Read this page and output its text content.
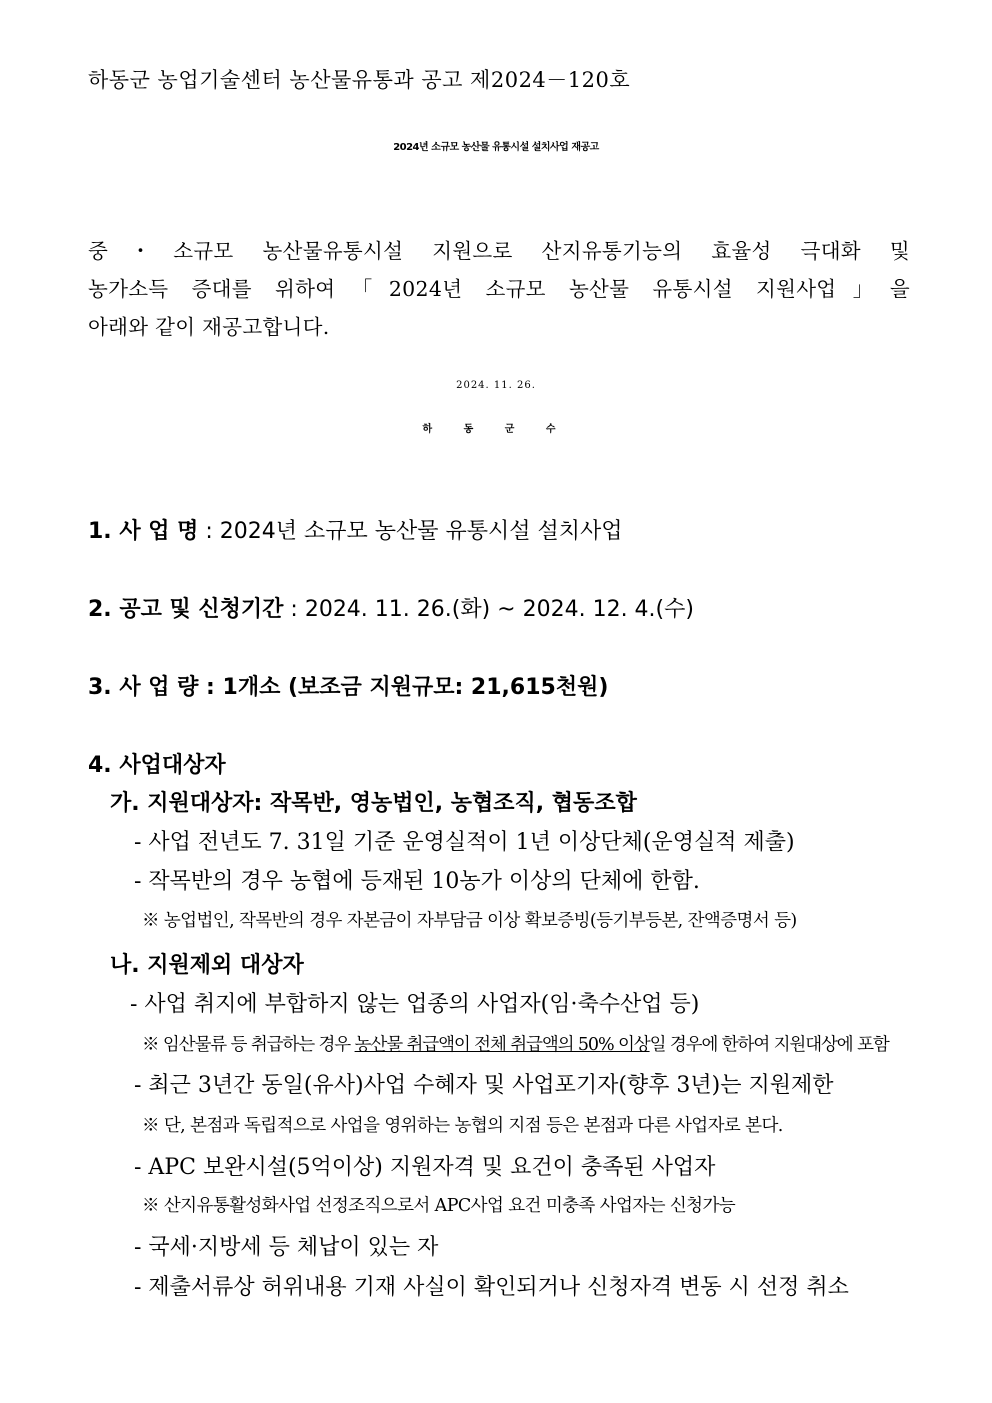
하동군 농업기술센터 농산물유통과 공고 제2024－120호
2024년 소규모 농산물 유통시설 설치사업 재공고
중・소규모 농산물유통시설 지원으로 산지유통기능의 효율성 극대화 및
농가소득 증대를 위하여「2024년 소규모 농산물 유통시설 지원사업」을
아래와 같이 재공고합니다.
2024. 11. 26.
하 동 군 수
1. 사 업 명 : 2024년 소규모 농산물 유통시설 설치사업
2. 공고 및 신청기간 : 2024. 11. 26.(화) ~ 2024. 12. 4.(수)
3. 사 업 량 : 1개소 (보조금 지원규모: 21,615천원)
4. 사업대상자
가. 지원대상자: 작목반, 영농법인, 농협조직, 협동조합
- 사업 전년도 7. 31일 기준 운영실적이 1년 이상단체(운영실적 제출)
- 작목반의 경우 농협에 등재된 10농가 이상의 단체에 한함.
※ 농업법인, 작목반의 경우 자본금이 자부담금 이상 확보증빙(등기부등본, 잔액증명서 등)
나. 지원제외 대상자
- 사업 취지에 부합하지 않는 업종의 사업자(임·축수산업 등)
※ 임산물류 등 취급하는 경우 농산물 취급액이 전체 취급액의 50% 이상일 경우에 한하여 지원대상에 포함
- 최근 3년간 동일(유사)사업 수혜자 및 사업포기자(향후 3년)는 지원제한
※ 단, 본점과 독립적으로 사업을 영위하는 농협의 지점 등은 본점과 다른 사업자로 본다.
- APC 보완시설(5억이상) 지원자격 및 요건이 충족된 사업자
※ 산지유통활성화사업 선정조직으로서 APC사업 요건 미충족 사업자는 신청가능
- 국세·지방세 등 체납이 있는 자
- 제출서류상 허위내용 기재 사실이 확인되거나 신청자격 변동 시 선정 취소
